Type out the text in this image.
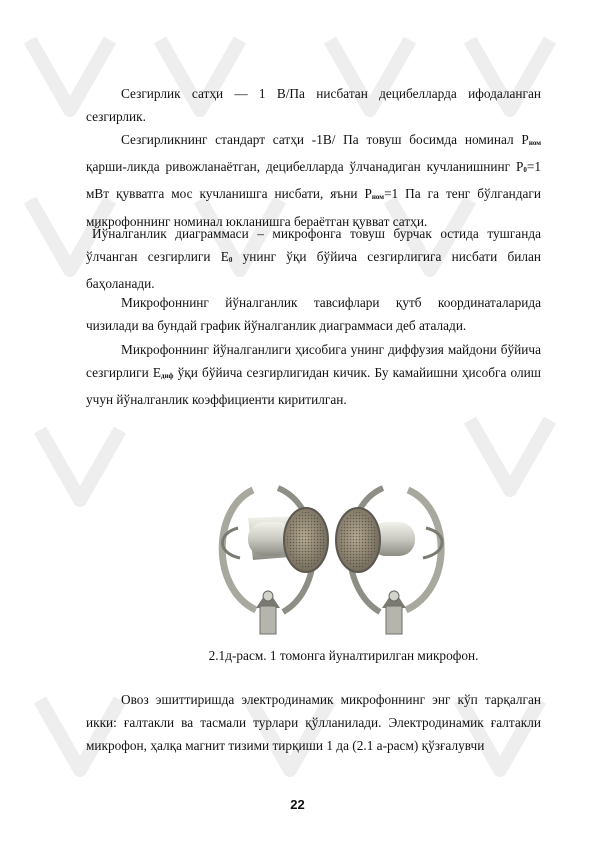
Сезгирлик сатҳи — 1 В/Па нисбатан децибелларда ифодаланган сезгирлик.

Сезгирликнинг стандарт сатҳи -1В/ Па товуш босимда номинал $Р_{ном}$ қарши-ликда ривожланаётган, децибелларда ўлчанадиган кучланишнинг $Р_0=1$ мВт қувватга мос кучланишга нисбати, яъни $Р_{ном}=1$ Па га тенг бўлгандаги микрофоннинг номинал юкланишга бераётган қувват сатҳи.

Йўналганлик диаграммаси – микрофонга товуш бурчак остида тушганда ўлчанган сезгирлиги $Е_0$ унинг ўқи бўйича сезгирлигига нисбати билан баҳоланади.

Микрофоннинг йўналганлик тавсифлари қутб координаталарида чизилади ва бундай график йўналганлик диаграммаси деб аталади.

Микрофоннинг йўналганлиги ҳисобига унинг диффузия майдони бўйича сезгирлиги $Е_{диф}$ ўқи бўйича сезгирлигидан кичик. Бу камайишни ҳисобга олиш учун йўналганлик коэффициенти киритилган.

2.1д-расм. 1 томонга йуналтирилган микрофон.

Овоз эшиттиришда электродинамик микрофоннинг энг кўп тарқалган икки: ғалтакли ва тасмали турлари қўлланилади. Электродинамик ғалтакли микрофон, ҳалқа магнит тизими тирқиши 1 да (2.1 а-расм) қўзғалувчи

22
